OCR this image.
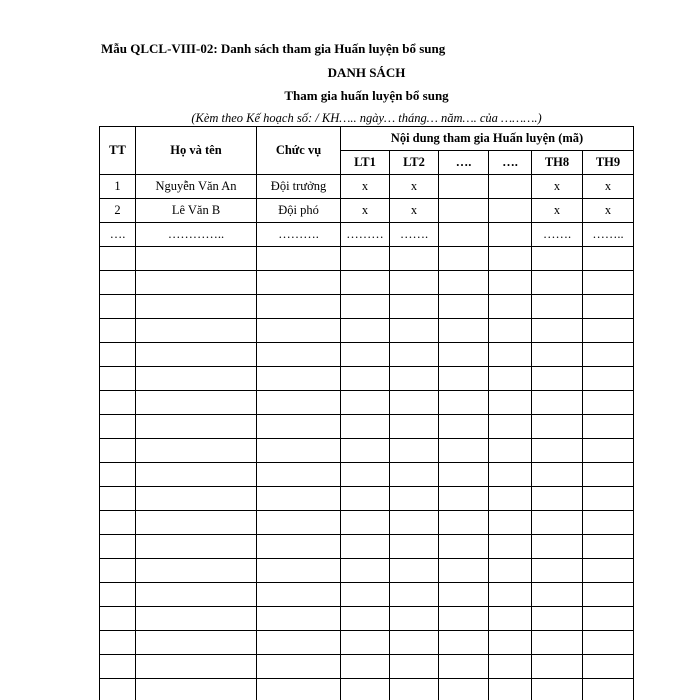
Mẫu QLCL-VIII-02: Danh sách tham gia Huấn luyện bổ sung
DANH SÁCH
Tham gia huấn luyện bổ sung
(Kèm theo Kế hoạch số: / KH….. ngày… tháng… năm…. của ……….)
TT	Họ và tên	Chức vụ	Nội dung tham gia Huấn luyện (mã)					
			LT1	LT2	….	….	TH8	TH9
1	Nguyễn Văn An	Đội trưởng	x	x			x	x
2	Lê Văn B	Đội phó	x	x			x	x
….	…………..	……….	………	…….			…….	……..
